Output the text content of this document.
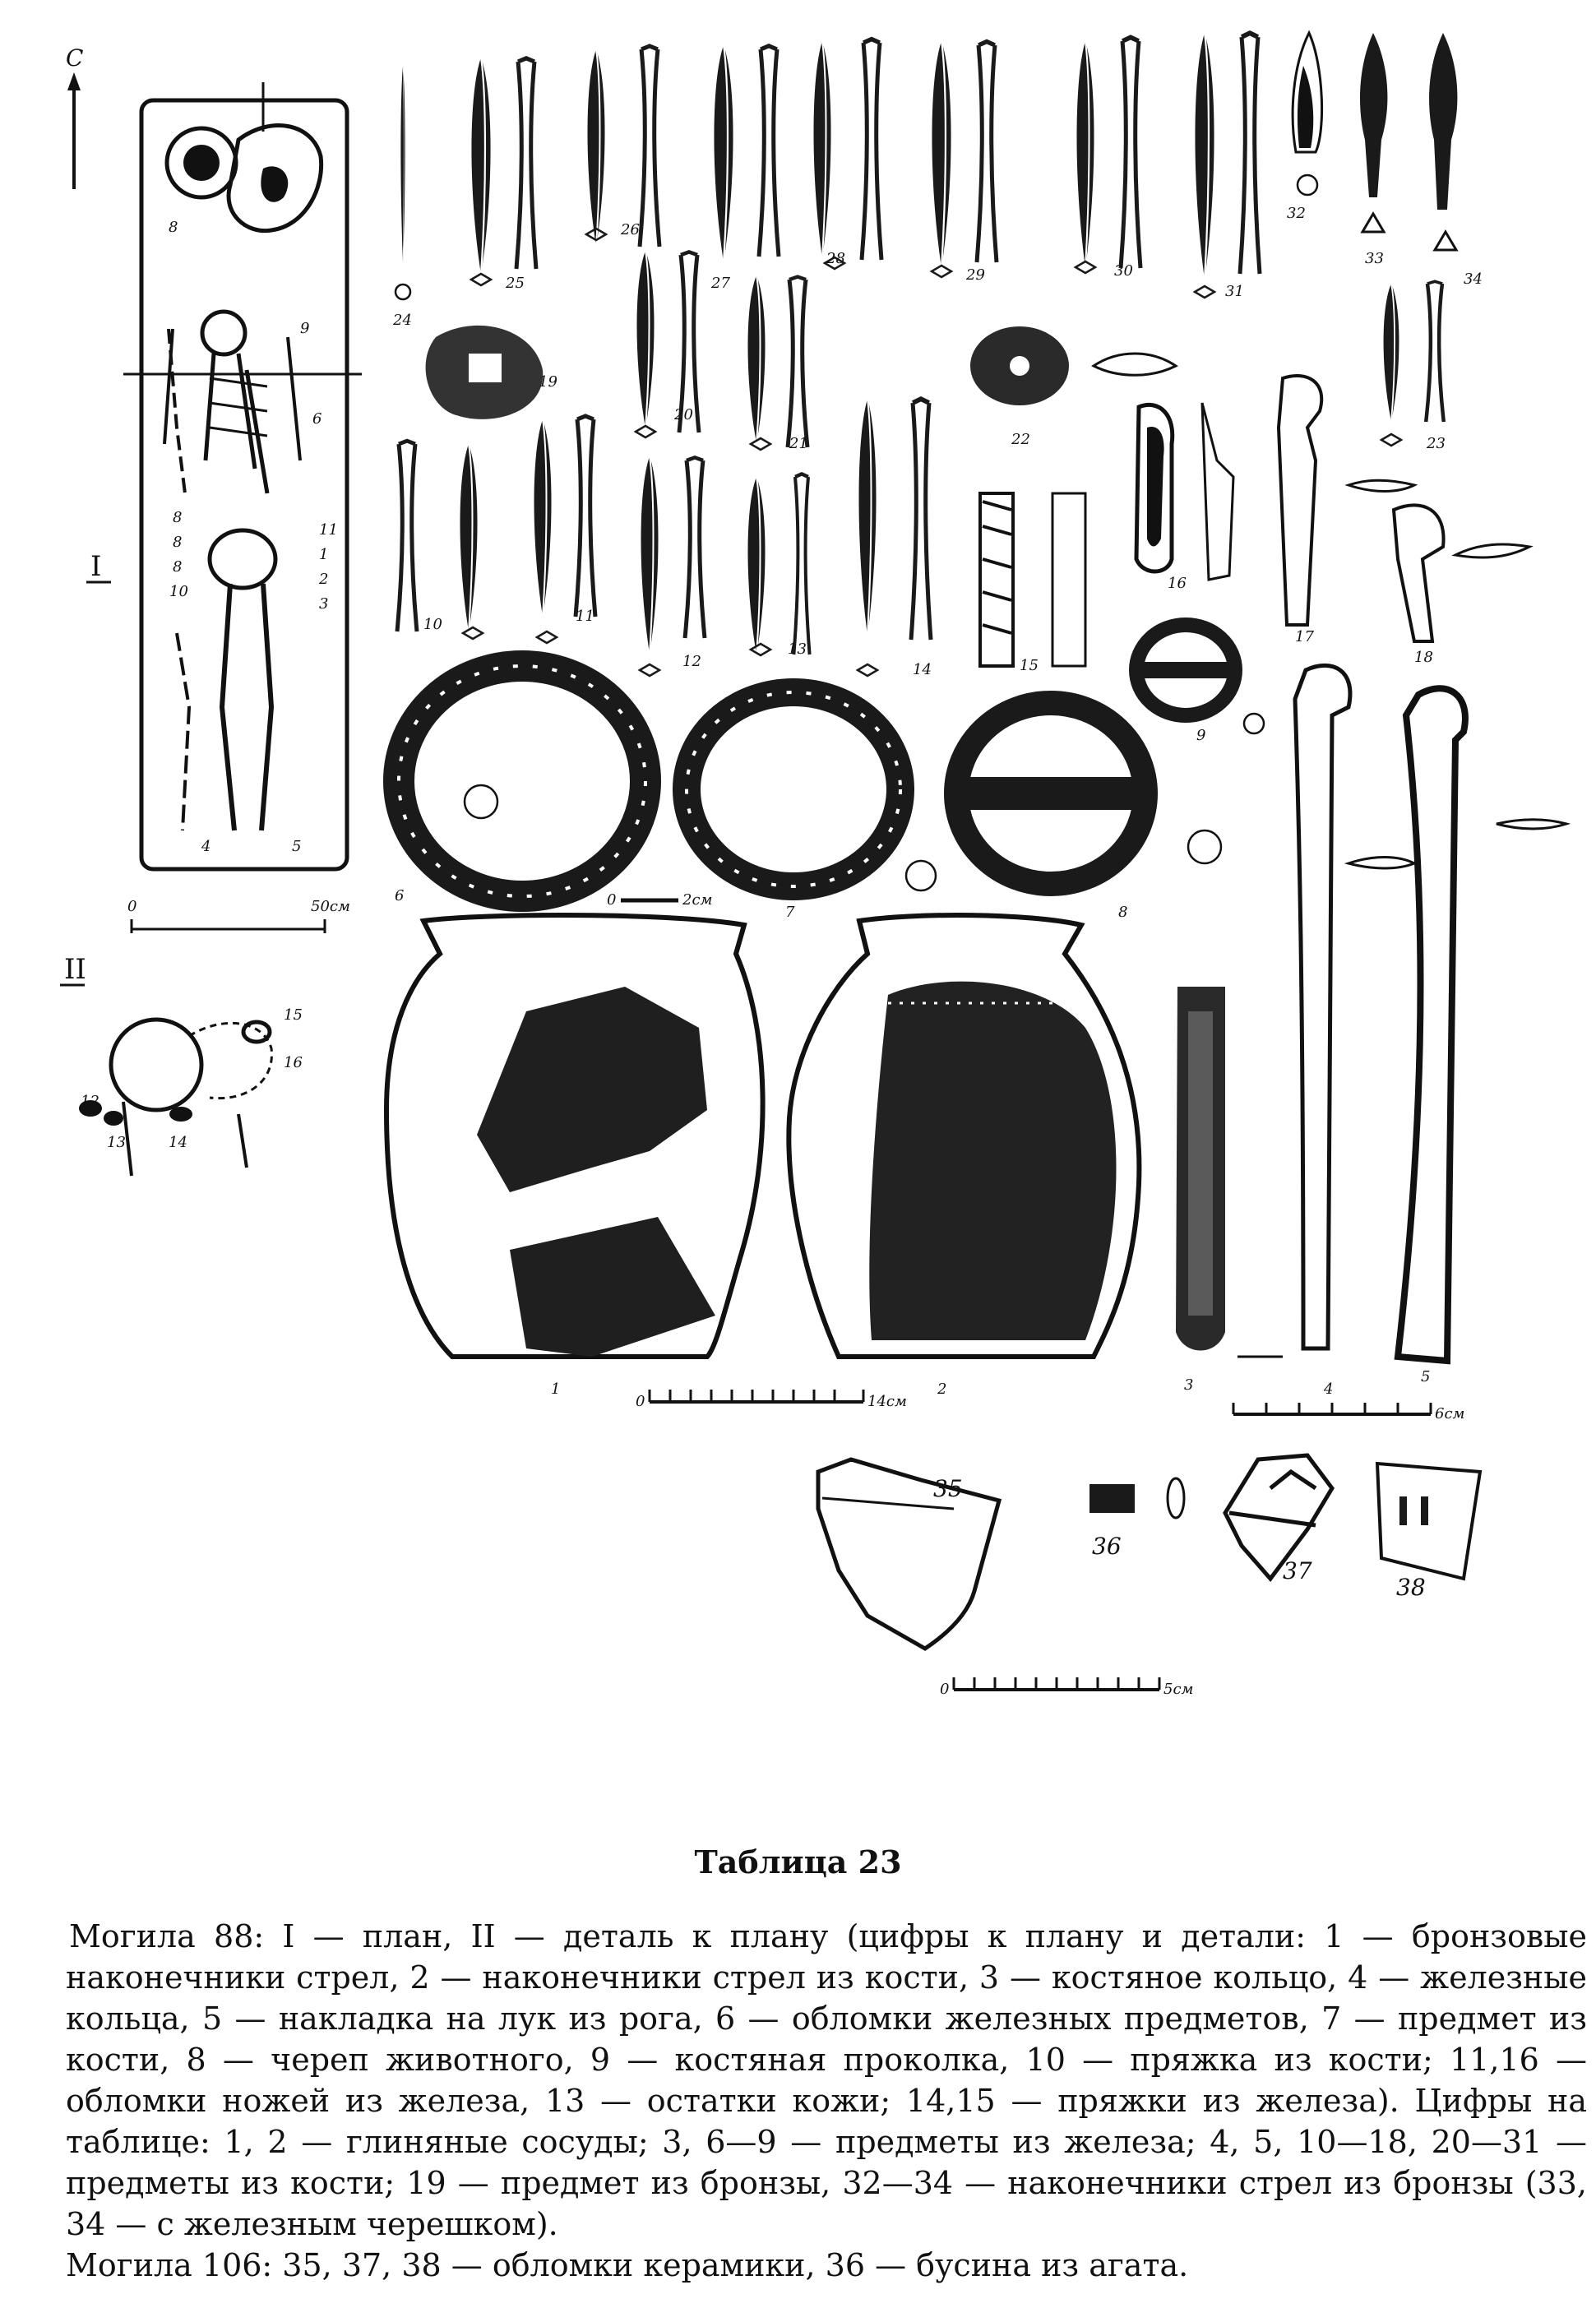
С
8
9
6
8
8
8
10
11
1
2
3
5
4
I
0	50см
II
15
16
12
13	14
24
25
26
27
28
29	30
31
32
33
34
19
20
21	22	23
10	11
12
13
14	15
16
17
18
6
7	8
9
0	2см
4
5
3
1	2
0	14см
6см
35
36
37
38
0	5см
Таблица 23

Могила 88: I — план, II — деталь к плану (цифры к плану и детали: 1 — бронзовые наконечники стрел, 2 — наконечники стрел из кости, 3 — костяное кольцо, 4 — железные кольца, 5 — накладка на лук из рога, 6 — обломки железных предметов, 7 — предмет из кости, 8 — череп животного, 9 — костяная проколка, 10 — пряжка из кости; 11,16 — обломки ножей из железа, 13 — остатки кожи; 14,15 — пряжки из железа). Цифры на таблице: 1, 2 — глиняные сосуды; 3, 6—9 — предметы из железа; 4, 5, 10—18, 20—31 — предметы из кости; 19 — предмет из бронзы, 32—34 — наконечники стрел из бронзы (33, 34 — с железным черешком).

Могила 106: 35, 37, 38 — обломки керамики, 36 — бусина из агата.
